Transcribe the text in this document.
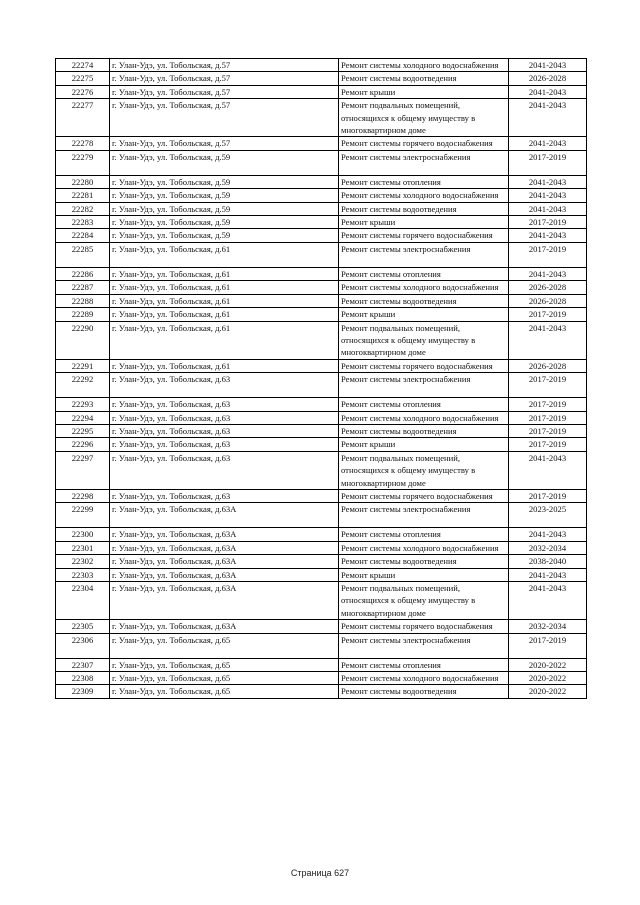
22274	г. Улан-Удэ, ул. Тобольская, д.57	Ремонт системы холодного водоснабжения	2041-2043
22275	г. Улан-Удэ, ул. Тобольская, д.57	Ремонт системы водоотведения	2026-2028
22276	г. Улан-Удэ, ул. Тобольская, д.57	Ремонт крыши	2041-2043
22277	г. Улан-Удэ, ул. Тобольская, д.57	Ремонт подвальных помещений, относящихся к общему имуществу в многоквартирном доме	2041-2043
22278	г. Улан-Удэ, ул. Тобольская, д.57	Ремонт системы горячего водоснабжения	2041-2043
22279	г. Улан-Удэ, ул. Тобольская, д.59	Ремонт системы электроснабжения	2017-2019
22280	г. Улан-Удэ, ул. Тобольская, д.59	Ремонт системы отопления	2041-2043
22281	г. Улан-Удэ, ул. Тобольская, д.59	Ремонт системы холодного водоснабжения	2041-2043
22282	г. Улан-Удэ, ул. Тобольская, д.59	Ремонт системы водоотведения	2041-2043
22283	г. Улан-Удэ, ул. Тобольская, д.59	Ремонт крыши	2017-2019
22284	г. Улан-Удэ, ул. Тобольская, д.59	Ремонт системы горячего водоснабжения	2041-2043
22285	г. Улан-Удэ, ул. Тобольская, д.61	Ремонт системы электроснабжения	2017-2019
22286	г. Улан-Удэ, ул. Тобольская, д.61	Ремонт системы отопления	2041-2043
22287	г. Улан-Удэ, ул. Тобольская, д.61	Ремонт системы холодного водоснабжения	2026-2028
22288	г. Улан-Удэ, ул. Тобольская, д.61	Ремонт системы водоотведения	2026-2028
22289	г. Улан-Удэ, ул. Тобольская, д.61	Ремонт крыши	2017-2019
22290	г. Улан-Удэ, ул. Тобольская, д.61	Ремонт подвальных помещений, относящихся к общему имуществу в многоквартирном доме	2041-2043
22291	г. Улан-Удэ, ул. Тобольская, д.61	Ремонт системы горячего водоснабжения	2026-2028
22292	г. Улан-Удэ, ул. Тобольская, д.63	Ремонт системы электроснабжения	2017-2019
22293	г. Улан-Удэ, ул. Тобольская, д.63	Ремонт системы отопления	2017-2019
22294	г. Улан-Удэ, ул. Тобольская, д.63	Ремонт системы холодного водоснабжения	2017-2019
22295	г. Улан-Удэ, ул. Тобольская, д.63	Ремонт системы водоотведения	2017-2019
22296	г. Улан-Удэ, ул. Тобольская, д.63	Ремонт крыши	2017-2019
22297	г. Улан-Удэ, ул. Тобольская, д.63	Ремонт подвальных помещений, относящихся к общему имуществу в многоквартирном доме	2041-2043
22298	г. Улан-Удэ, ул. Тобольская, д.63	Ремонт системы горячего водоснабжения	2017-2019
22299	г. Улан-Удэ, ул. Тобольская, д.63А	Ремонт системы электроснабжения	2023-2025
22300	г. Улан-Удэ, ул. Тобольская, д.63А	Ремонт системы отопления	2041-2043
22301	г. Улан-Удэ, ул. Тобольская, д.63А	Ремонт системы холодного водоснабжения	2032-2034
22302	г. Улан-Удэ, ул. Тобольская, д.63А	Ремонт системы водоотведения	2038-2040
22303	г. Улан-Удэ, ул. Тобольская, д.63А	Ремонт крыши	2041-2043
22304	г. Улан-Удэ, ул. Тобольская, д.63А	Ремонт подвальных помещений, относящихся к общему имуществу в многоквартирном доме	2041-2043
22305	г. Улан-Удэ, ул. Тобольская, д.63А	Ремонт системы горячего водоснабжения	2032-2034
22306	г. Улан-Удэ, ул. Тобольская, д.65	Ремонт системы электроснабжения	2017-2019
22307	г. Улан-Удэ, ул. Тобольская, д.65	Ремонт системы отопления	2020-2022
22308	г. Улан-Удэ, ул. Тобольская, д.65	Ремонт системы холодного водоснабжения	2020-2022
22309	г. Улан-Удэ, ул. Тобольская, д.65	Ремонт системы водоотведения	2020-2022
Страница 627
